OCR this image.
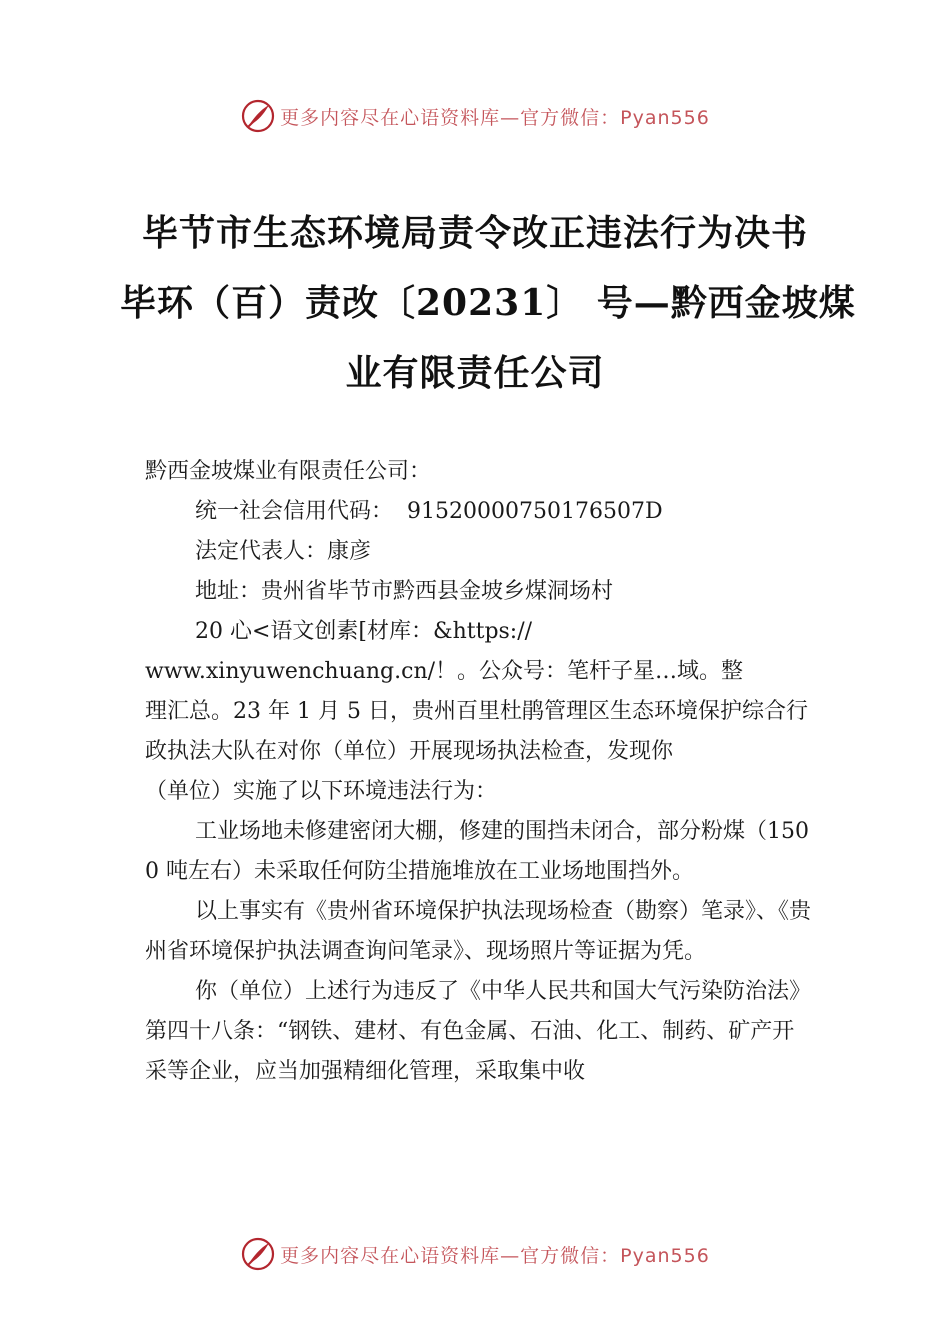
更多内容尽在心语资料库—官方微信：Pyan556
毕节市生态环境局责令改正违法行为决书
毕环（百）责改〔20231〕 号—黔西金坡煤
业有限责任公司

黔西金坡煤业有限责任公司：

统一社会信用代码： 91520000750176507D

法定代表人：康彦

地址：贵州省毕节市黔西县金坡乡煤洞场村

20 心<语文创素[材库：&https://

www.xinyuwenchuang.cn/！。公众号：笔杆子星…域。整

理汇总。23 年 1 月 5 日，贵州百里杜鹃管理区生态环境保护综合行政执法大队在对你（单位）开展现场执法检查，发现你

（单位）实施了以下环境违法行为：

工业场地未修建密闭大棚，修建的围挡未闭合，部分粉煤（1500 吨左右）未采取任何防尘措施堆放在工业场地围挡外。

以上事实有《贵州省环境保护执法现场检查（勘察）笔录》、《贵州省环境保护执法调查询问笔录》、现场照片等证据为凭。

你（单位）上述行为违反了《中华人民共和国大气污染防治法》第四十八条：“钢铁、建材、有色金属、石油、化工、制药、矿产开采等企业，应当加强精细化管理，采取集中收

更多内容尽在心语资料库—官方微信：Pyan556
